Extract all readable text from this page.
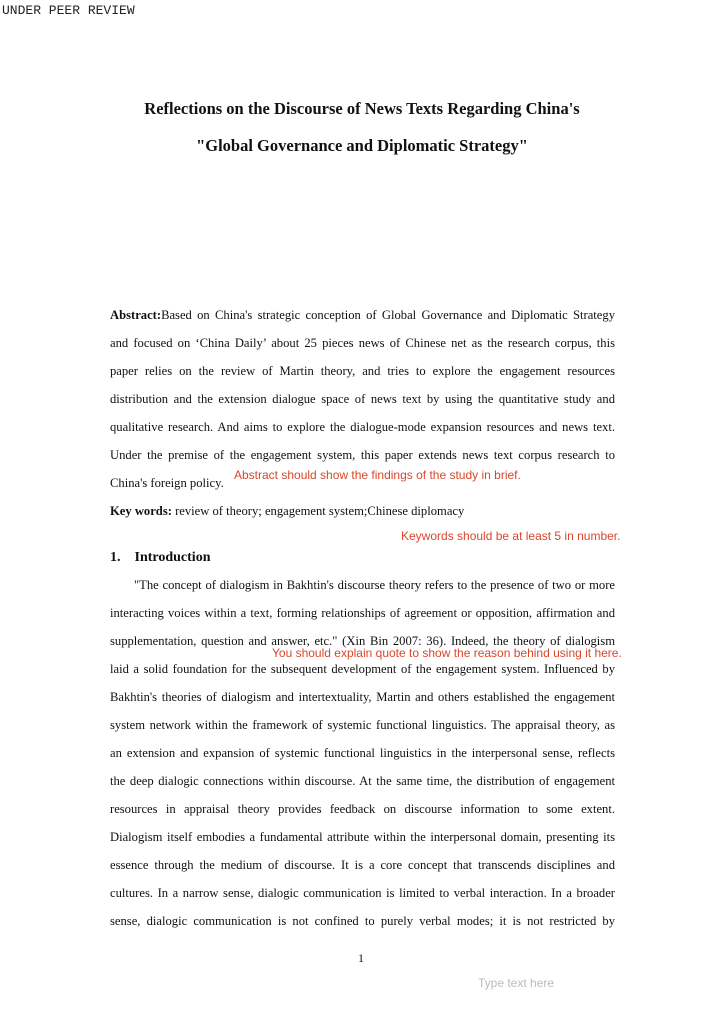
UNDER PEER REVIEW
Reflections on the Discourse of News Texts Regarding China's
"Global Governance and Diplomatic Strategy"
Abstract:Based on China's strategic conception of Global Governance and Diplomatic Strategy
and focused on ‘China Daily’ about 25 pieces news of Chinese net as the research corpus, this
paper relies on the review of Martin theory, and tries to explore the engagement resources
distribution and the extension dialogue space of news text by using the quantitative study and
qualitative research. And aims to explore the dialogue-mode expansion resources and news text.
Under the premise of the engagement system, this paper extends news text corpus research to
China's foreign policy.
Abstract should show the findings of the study in brief.
Key words: review of theory; engagement system;Chinese diplomacy
Keywords should be at least 5 in number.
1.    Introduction
"The concept of dialogism in Bakhtin's discourse theory refers to the presence of two or more
interacting voices within a text, forming relationships of agreement or opposition, affirmation and
supplementation, question and answer, etc." (Xin Bin 2007: 36). Indeed, the theory of dialogism
You should explain quote to show the reason behind using it here.
laid a solid foundation for the subsequent development of the engagement system. Influenced by
Bakhtin's theories of dialogism and intertextuality, Martin and others established the engagement
system network within the framework of systemic functional linguistics. The appraisal theory, as
an extension and expansion of systemic functional linguistics in the interpersonal sense, reflects
the deep dialogic connections within discourse. At the same time, the distribution of engagement
resources in appraisal theory provides feedback on discourse information to some extent.
Dialogism itself embodies a fundamental attribute within the interpersonal domain, presenting its
essence through the medium of discourse. It is a core concept that transcends disciplines and
cultures. In a narrow sense, dialogic communication is limited to verbal interaction. In a broader
sense, dialogic communication is not confined to purely verbal modes; it is not restricted by
1
Type text here
